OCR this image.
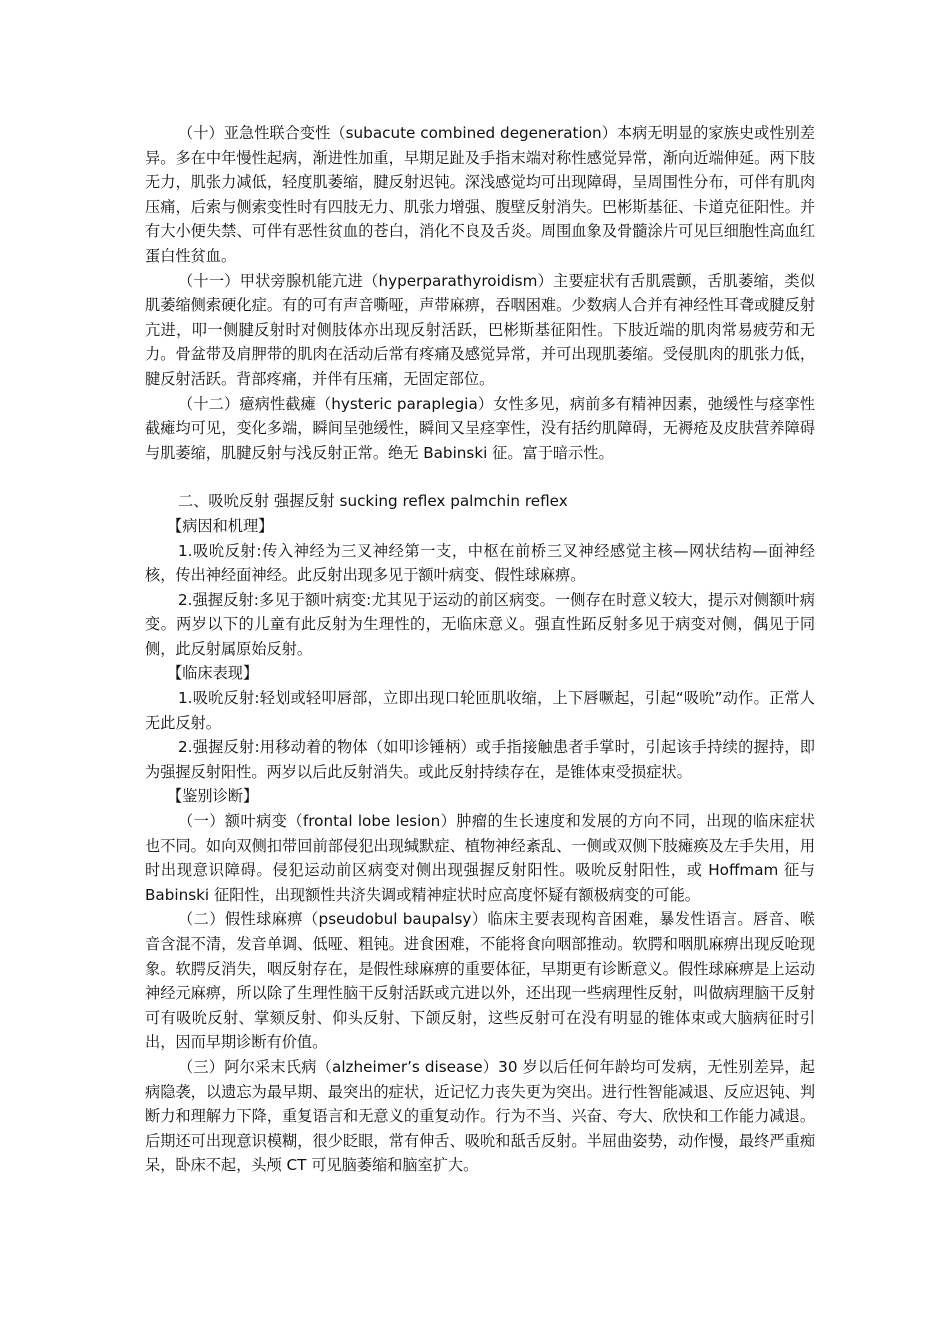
（十）亚急性联合变性（subacute combined degeneration）本病无明显的家族史或性别差异。多在中年慢性起病，渐进性加重，早期足趾及手指末端对称性感觉异常，渐向近端伸延。两下肢无力，肌张力减低，轻度肌萎缩，腱反射迟钝。深浅感觉均可出现障碍，呈周围性分布，可伴有肌肉压痛，后索与侧索变性时有四肢无力、肌张力增强、腹壁反射消失。巴彬斯基征、卡道克征阳性。并有大小便失禁、可伴有恶性贫血的苍白，消化不良及舌炎。周围血象及骨髓涂片可见巨细胞性高血红蛋白性贫血。

（十一）甲状旁腺机能亢进（hyperparathyroidism）主要症状有舌肌震颤，舌肌萎缩，类似肌萎缩侧索硬化症。有的可有声音嘶哑，声带麻痹，吞咽困难。少数病人合并有神经性耳聋或腱反射亢进，叩一侧腱反射时对侧肢体亦出现反射活跃，巴彬斯基征阳性。下肢近端的肌肉常易疲劳和无力。骨盆带及肩胛带的肌肉在活动后常有疼痛及感觉异常，并可出现肌萎缩。受侵肌肉的肌张力低，腱反射活跃。背部疼痛，并伴有压痛，无固定部位。

（十二）癔病性截瘫（hysteric paraplegia）女性多见，病前多有精神因素，弛缓性与痉挛性截瘫均可见，变化多端，瞬间呈弛缓性，瞬间又呈痉挛性，没有括约肌障碍，无褥疮及皮肤营养障碍与肌萎缩，肌腱反射与浅反射正常。绝无 Babinski 征。富于暗示性。

二、吸吮反射 强握反射 sucking reflex palmchin reflex

【病因和机理】

1.吸吮反射:传入神经为三叉神经第一支，中枢在前桥三叉神经感觉主核—网状结构—面神经核，传出神经面神经。此反射出现多见于额叶病变、假性球麻痹。

2.强握反射:多见于额叶病变:尤其见于运动的前区病变。一侧存在时意义较大，提示对侧额叶病变。两岁以下的儿童有此反射为生理性的，无临床意义。强直性跖反射多见于病变对侧，偶见于同侧，此反射属原始反射。

【临床表现】

1.吸吮反射:轻划或轻叩唇部，立即出现口轮匝肌收缩，上下唇噘起，引起“吸吮”动作。正常人无此反射。

2.强握反射:用移动着的物体（如叩诊锤柄）或手指接触患者手掌时，引起该手持续的握持，即为强握反射阳性。两岁以后此反射消失。或此反射持续存在，是锥体束受损症状。

【鉴别诊断】

（一）额叶病变（frontal lobe lesion）肿瘤的生长速度和发展的方向不同，出现的临床症状也不同。如向双侧扣带回前部侵犯出现缄默症、植物神经紊乱、一侧或双侧下肢瘫痪及左手失用，用时出现意识障碍。侵犯运动前区病变对侧出现强握反射阳性。吸吮反射阳性，或 Hoffmam 征与 Babinski 征阳性，出现额性共济失调或精神症状时应高度怀疑有额极病变的可能。

（二）假性球麻痹（pseudobul baupalsy）临床主要表现构音困难，暴发性语言。唇音、喉音含混不清，发音单调、低哑、粗钝。进食困难，不能将食向咽部推动。软腭和咽肌麻痹出现反呛现象。软腭反消失，咽反射存在，是假性球麻痹的重要体征，早期更有诊断意义。假性球麻痹是上运动神经元麻痹，所以除了生理性脑干反射活跃或亢进以外，还出现一些病理性反射，叫做病理脑干反射可有吸吮反射、掌颏反射、仰头反射、下颌反射，这些反射可在没有明显的锥体束或大脑病征时引出，因而早期诊断有价值。

（三）阿尔采末氏病（alzheimer’s disease）30 岁以后任何年龄均可发病，无性别差异，起病隐袭，以遗忘为最早期、最突出的症状，近记忆力丧失更为突出。进行性智能减退、反应迟钝、判断力和理解力下降，重复语言和无意义的重复动作。行为不当、兴奋、夸大、欣快和工作能力减退。后期还可出现意识模糊，很少眨眼，常有伸舌、吸吮和舐舌反射。半屈曲姿势，动作慢，最终严重痴呆，卧床不起，头颅 CT 可见脑萎缩和脑室扩大。
